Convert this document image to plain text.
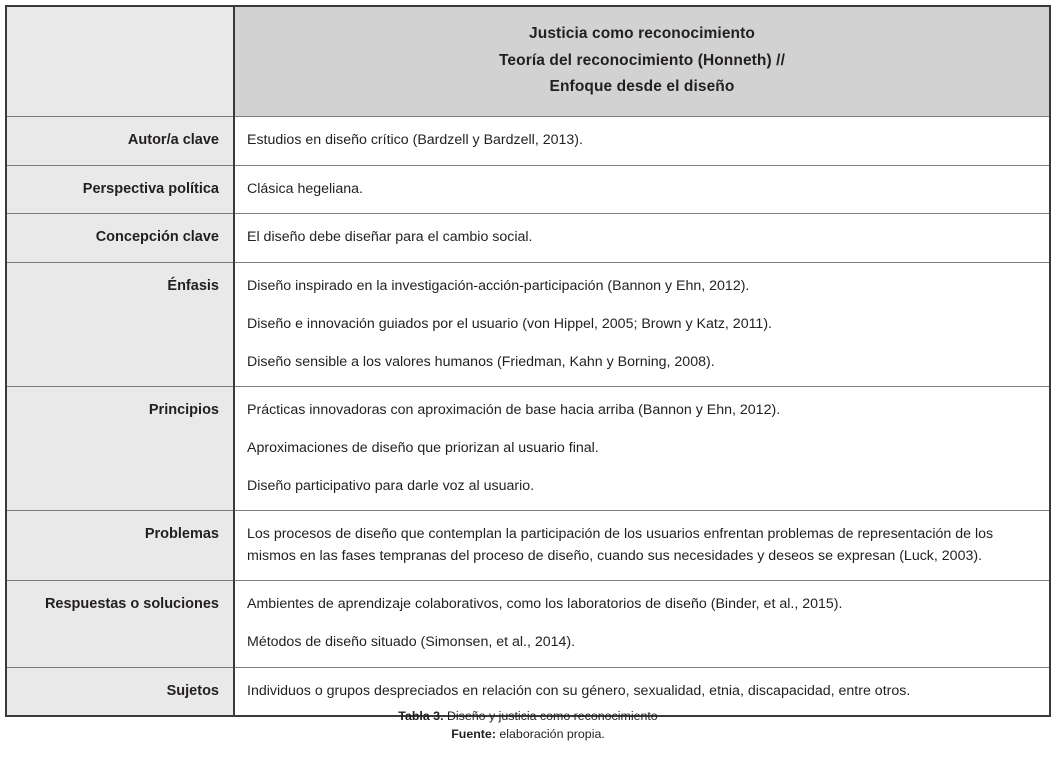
	Justicia como reconocimiento
Teoría del reconocimiento (Honneth) //
Enfoque desde el diseño

Autor/a clave	Estudios en diseño crítico (Bardzell y Bardzell, 2013).

Perspectiva política	Clásica hegeliana.

Concepción clave	El diseño debe diseñar para el cambio social.

Énfasis	Diseño inspirado en la investigación-acción-participación (Bannon y Ehn, 2012).

Diseño e innovación guiados por el usuario (von Hippel, 2005; Brown y Katz, 2011).

Diseño sensible a los valores humanos (Friedman, Kahn y Borning, 2008).

Principios	Prácticas innovadoras con aproximación de base hacia arriba (Bannon y Ehn, 2012).

Aproximaciones de diseño que priorizan al usuario final.

Diseño participativo para darle voz al usuario.

Problemas	Los procesos de diseño que contemplan la participación de los usuarios enfrentan problemas de representación de los mismos en las fases tempranas del proceso de diseño, cuando sus necesidades y deseos se expresan (Luck, 2003).

Respuestas o soluciones	Ambientes de aprendizaje colaborativos, como los laboratorios de diseño (Binder, et al., 2015).

Métodos de diseño situado (Simonsen, et al., 2014).

Sujetos	Individuos o grupos despreciados en relación con su género, sexualidad, etnia, discapacidad, entre otros.

Tabla 3. Diseño y justicia como reconocimiento
Fuente: elaboración propia.
